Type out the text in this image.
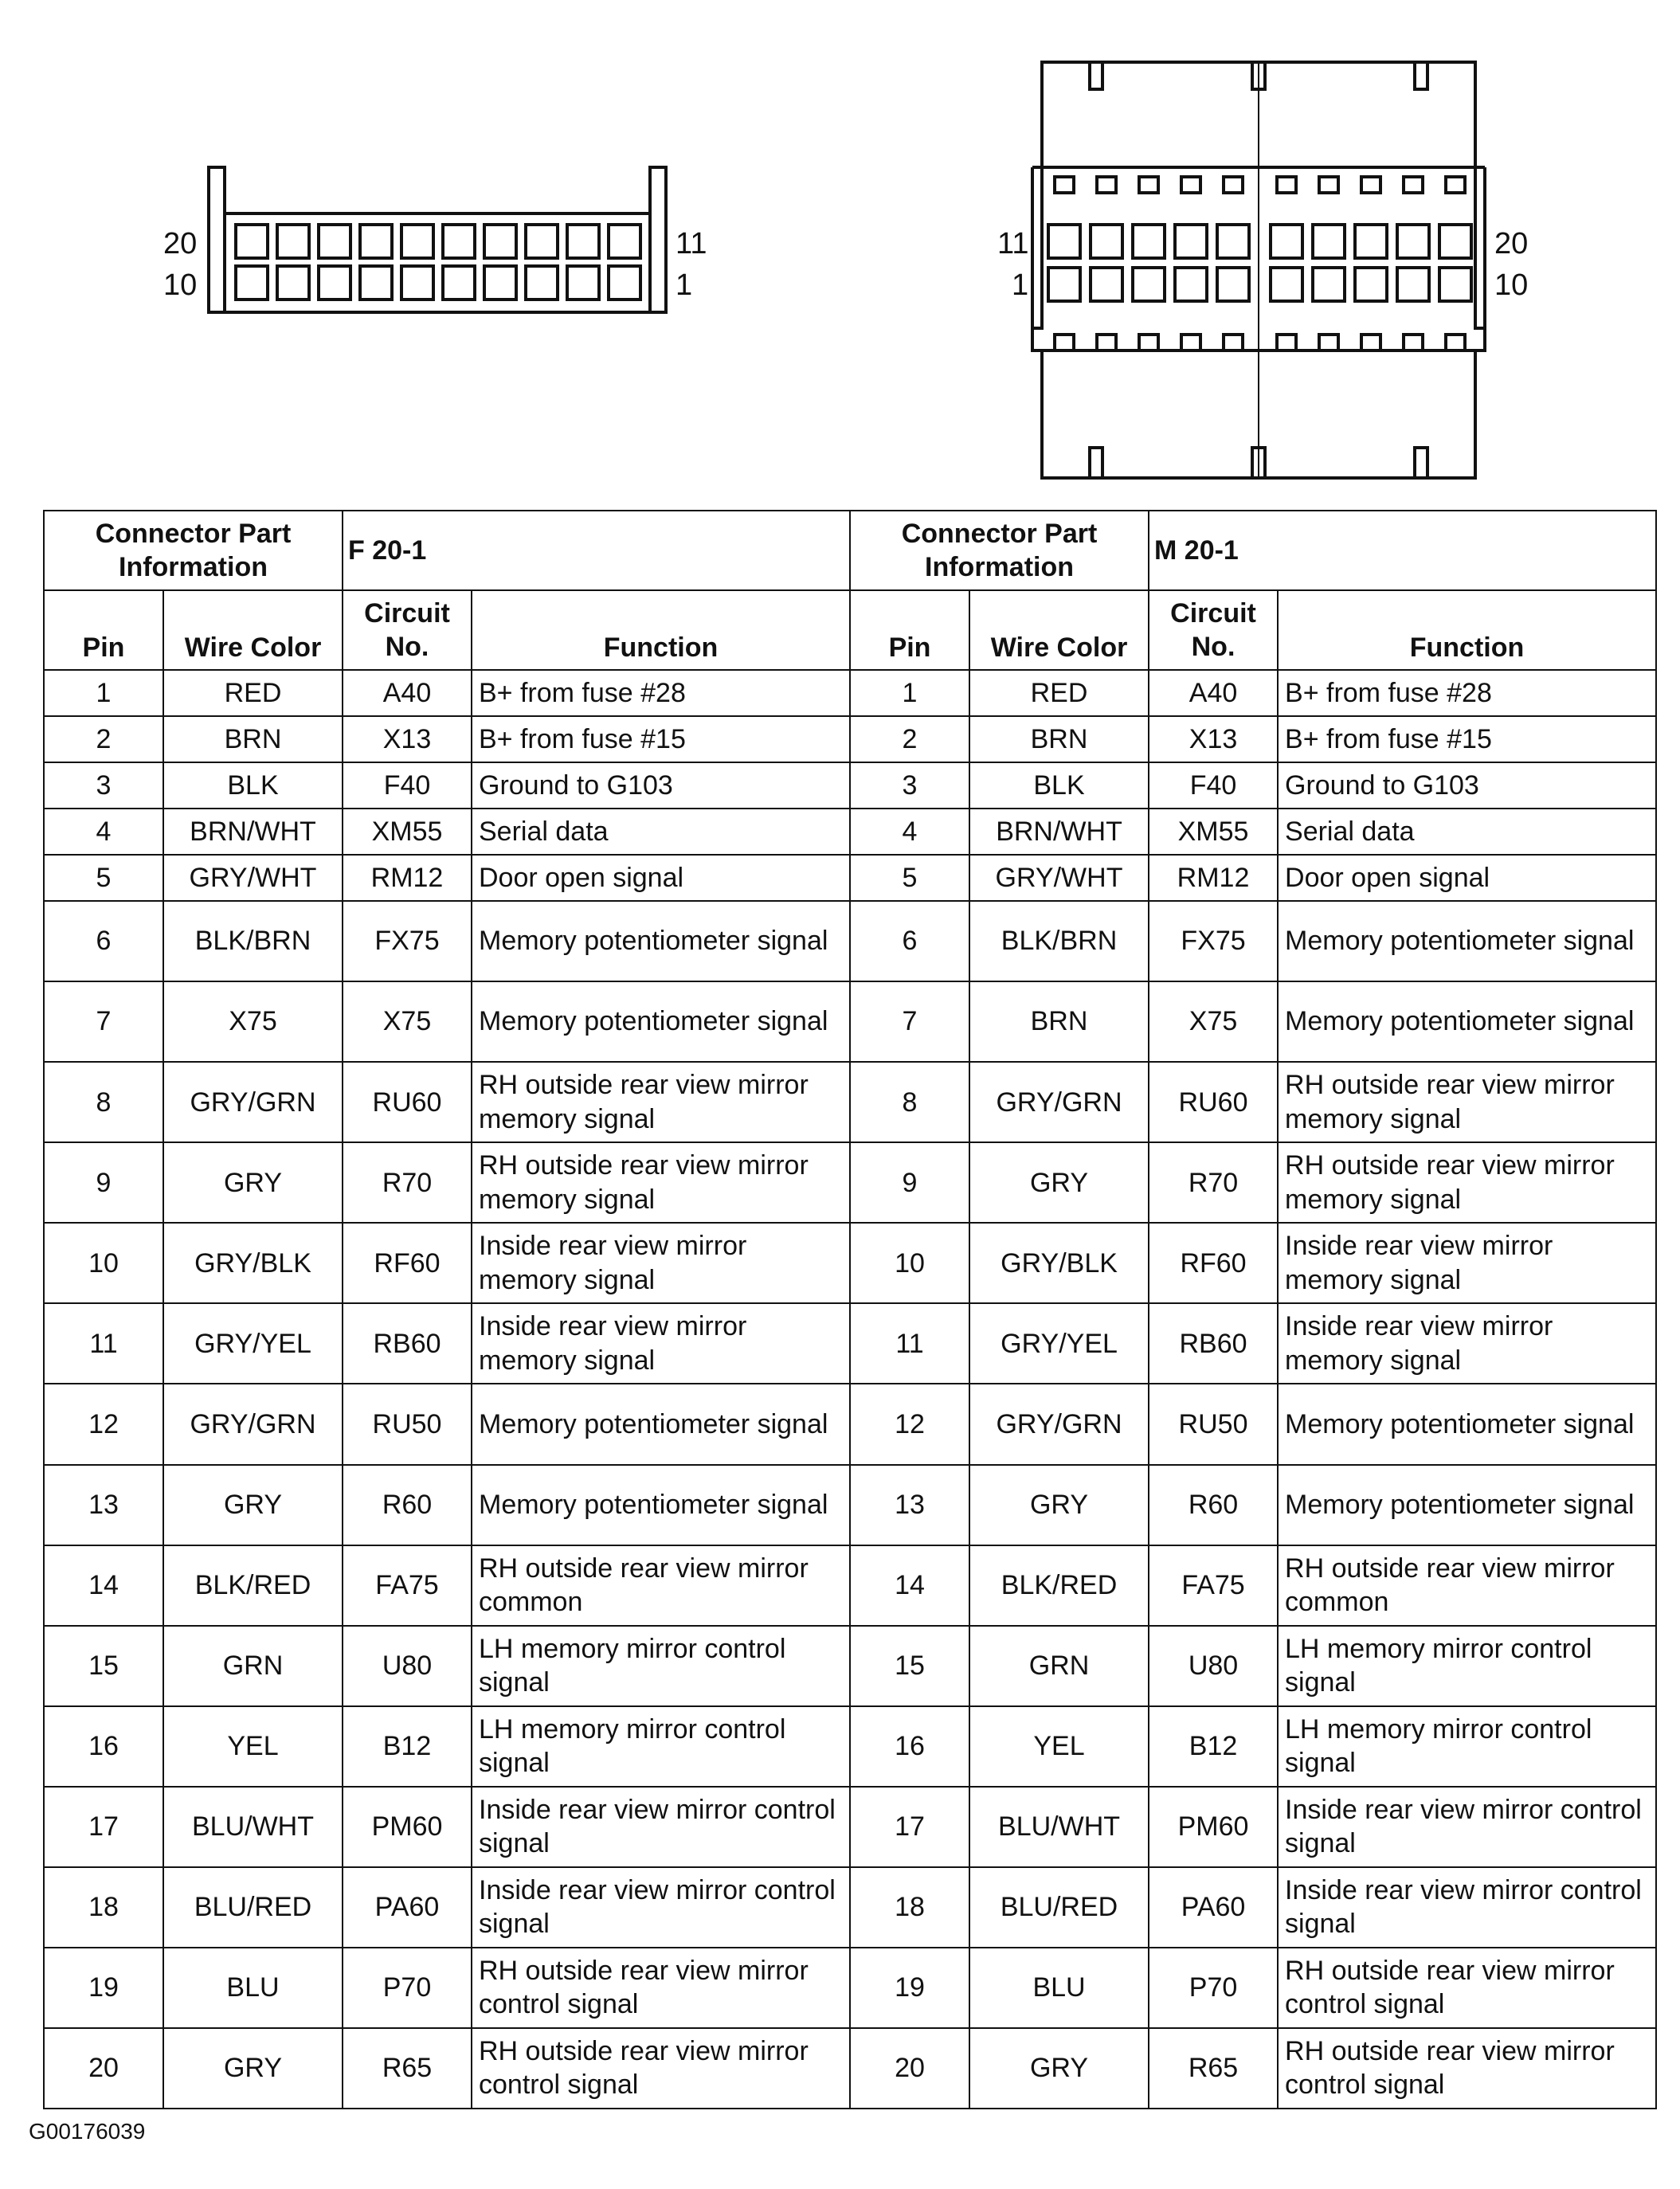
20
10
11
1
11
1
20
10
Connector Part Information		F 20-1		Connector Part Information		M 20-1	
Pin	Wire Color	Circuit No.	Function	Pin	Wire Color	Circuit No.	Function
1	RED	A40	B+ from fuse #28	1	RED	A40	B+ from fuse #28
2	BRN	X13	B+ from fuse #15	2	BRN	X13	B+ from fuse #15
3	BLK	F40	Ground to G103	3	BLK	F40	Ground to G103
4	BRN/WHT	XM55	Serial data	4	BRN/WHT	XM55	Serial data
5	GRY/WHT	RM12	Door open signal	5	GRY/WHT	RM12	Door open signal
6	BLK/BRN	FX75	Memory potentiometer signal	6	BLK/BRN	FX75	Memory potentiometer signal
7	X75	X75	Memory potentiometer signal	7	BRN	X75	Memory potentiometer signal
8	GRY/GRN	RU60	RH outside rear view mirror memory signal	8	GRY/GRN	RU60	RH outside rear view mirror memory signal
9	GRY	R70	RH outside rear view mirror memory signal	9	GRY	R70	RH outside rear view mirror memory signal
10	GRY/BLK	RF60	Inside rear view mirror memory signal	10	GRY/BLK	RF60	Inside rear view mirror memory signal
11	GRY/YEL	RB60	Inside rear view mirror memory signal	11	GRY/YEL	RB60	Inside rear view mirror memory signal
12	GRY/GRN	RU50	Memory potentiometer signal	12	GRY/GRN	RU50	Memory potentiometer signal
13	GRY	R60	Memory potentiometer signal	13	GRY	R60	Memory potentiometer signal
14	BLK/RED	FA75	RH outside rear view mirror common	14	BLK/RED	FA75	RH outside rear view mirror common
15	GRN	U80	LH memory mirror control signal	15	GRN	U80	LH memory mirror control signal
16	YEL	B12	LH memory mirror control signal	16	YEL	B12	LH memory mirror control signal
17	BLU/WHT	PM60	Inside rear view mirror control signal	17	BLU/WHT	PM60	Inside rear view mirror control signal
18	BLU/RED	PA60	Inside rear view mirror control signal	18	BLU/RED	PA60	Inside rear view mirror control signal
19	BLU	P70	RH outside rear view mirror control signal	19	BLU	P70	RH outside rear view mirror control signal
20	GRY	R65	RH outside rear view mirror control signal	20	GRY	R65	RH outside rear view mirror control signal
G00176039
